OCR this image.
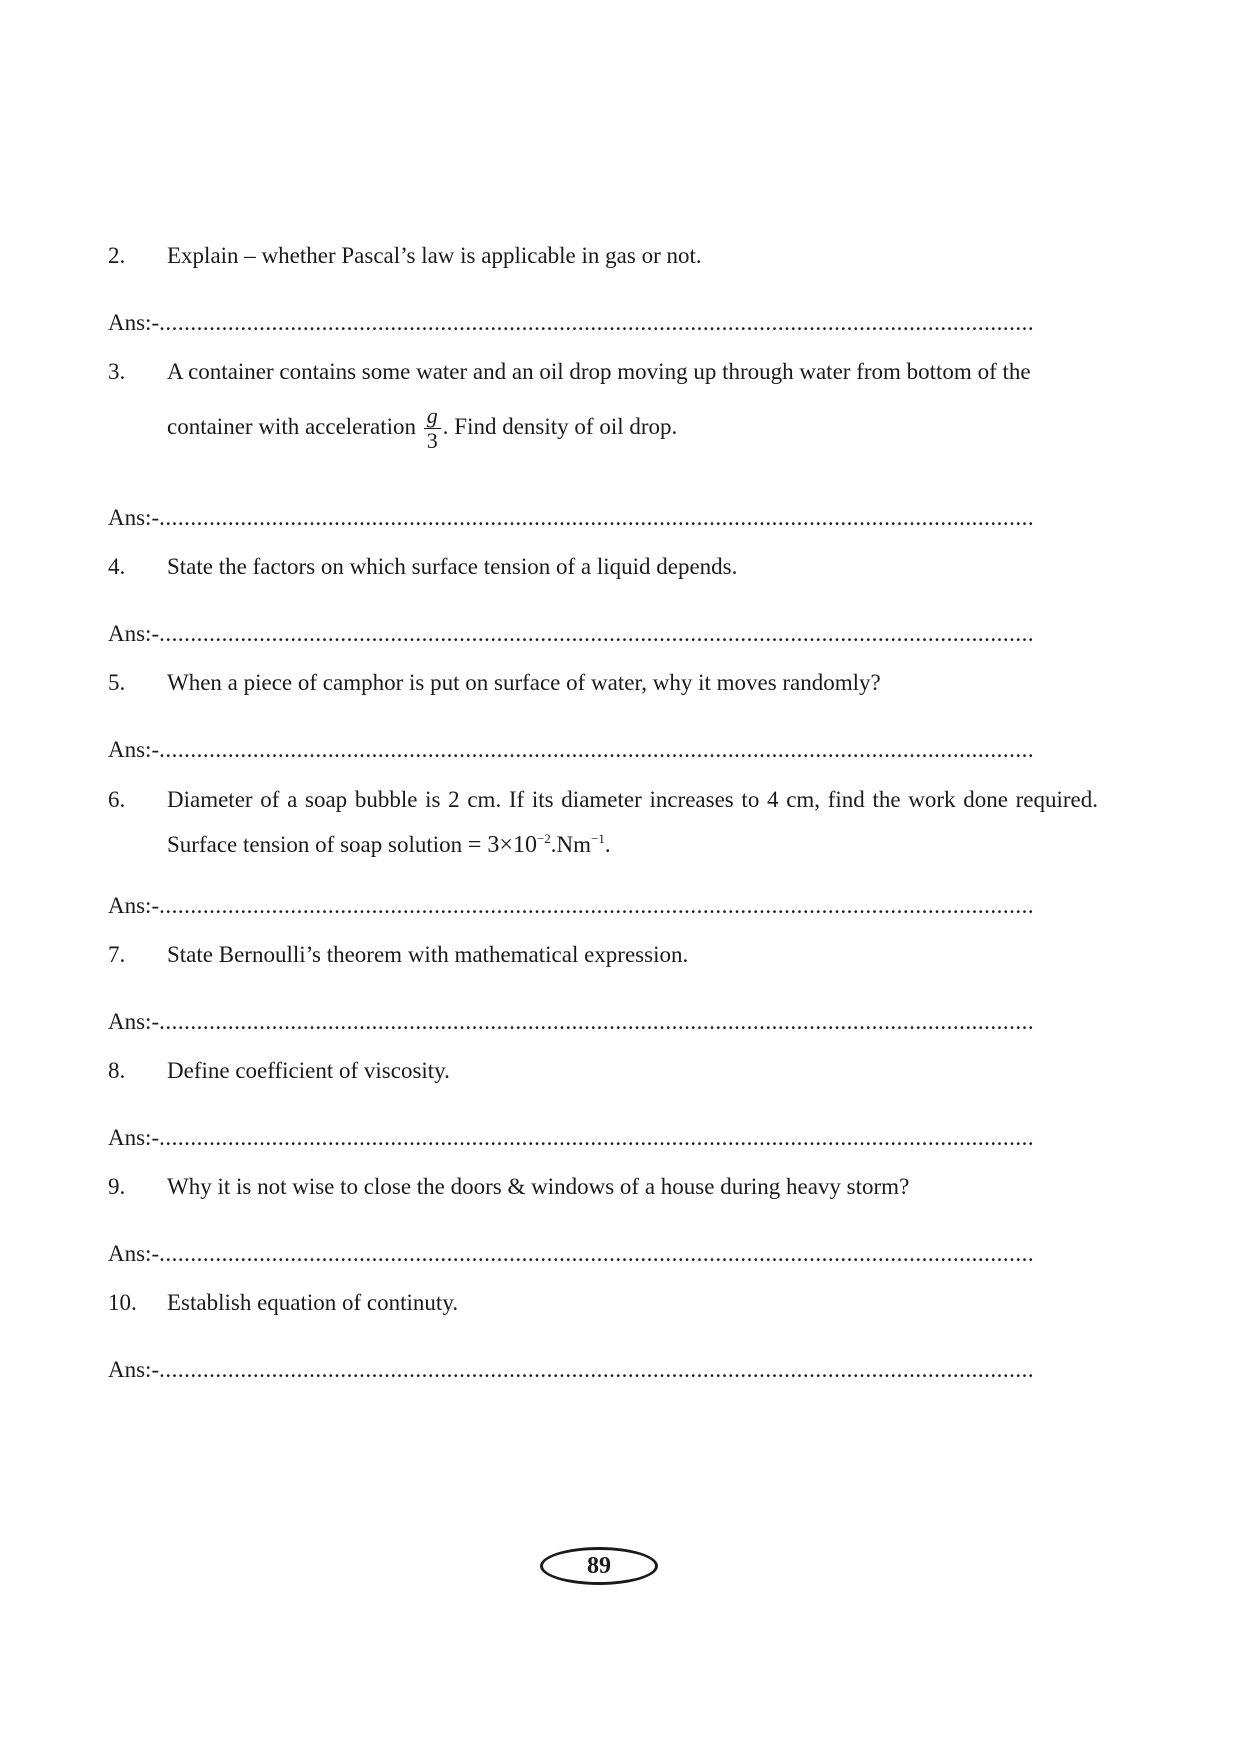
2. Explain – whether Pascal’s law is applicable in gas or not.
Ans:-............................................................................................................................................
3. A container contains some water and an oil drop moving up through water from bottom of the
container with acceleration $\frac{g}{3}$ . Find density of oil drop.
Ans:-............................................................................................................................................
4. State the factors on which surface tension of a liquid depends.
Ans:-............................................................................................................................................
5. When a piece of camphor is put on surface of water, why it moves randomly?
Ans:-............................................................................................................................................
6. Diameter of a soap bubble is 2 cm. If its diameter increases to 4 cm, find the work done required. Surface tension of soap solution = $3\times 10^{-2}.Nm^{-1}$.
Ans:-............................................................................................................................................
7. State Bernoulli’s theorem with mathematical expression.
Ans:-............................................................................................................................................
8. Define coefficient of viscosity.
Ans:-............................................................................................................................................
9. Why it is not wise to close the doors & windows of a house during heavy storm?
Ans:-............................................................................................................................................
10. Establish equation of continuty.
Ans:-............................................................................................................................................
89
